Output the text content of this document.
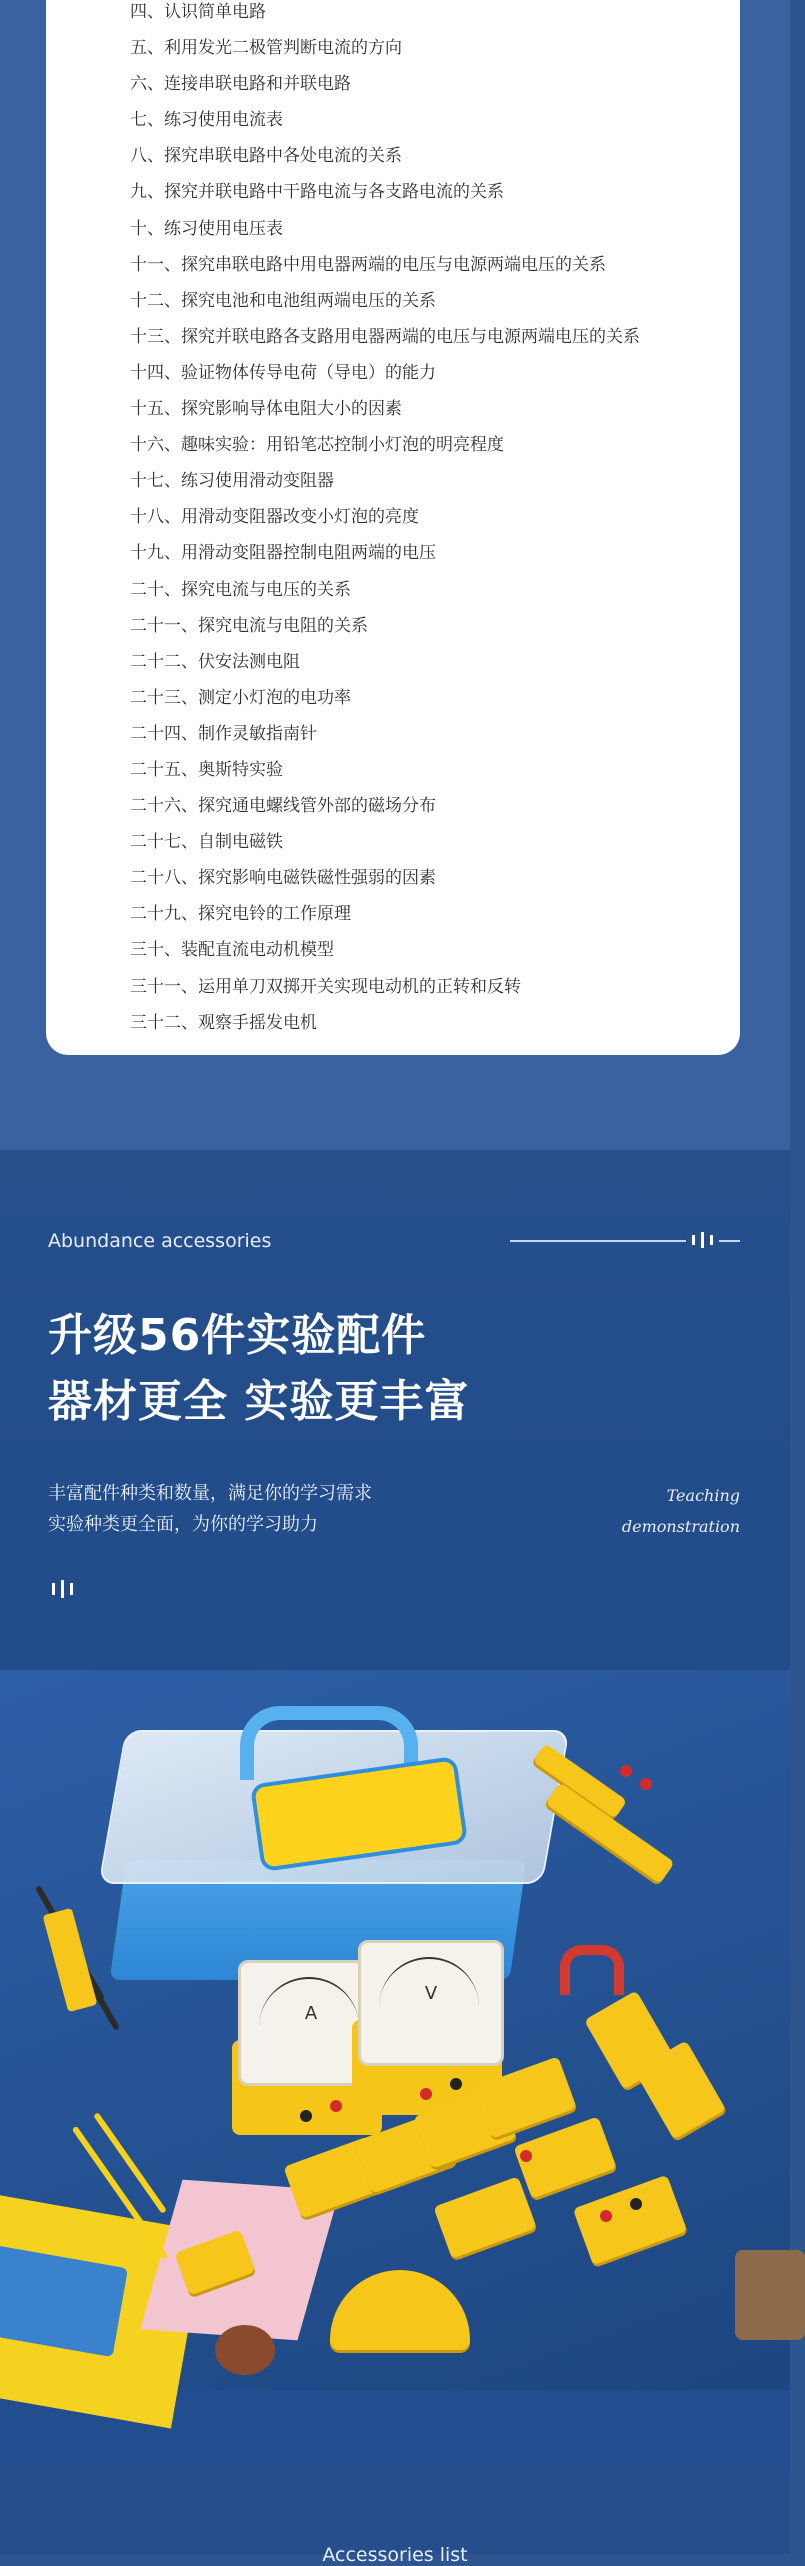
四、认识简单电路
五、利用发光二极管判断电流的方向
六、连接串联电路和并联电路
七、练习使用电流表
八、探究串联电路中各处电流的关系
九、探究并联电路中干路电流与各支路电流的关系
十、练习使用电压表
十一、探究串联电路中用电器两端的电压与电源两端电压的关系
十二、探究电池和电池组两端电压的关系
十三、探究并联电路各支路用电器两端的电压与电源两端电压的关系
十四、验证物体传导电荷（导电）的能力
十五、探究影响导体电阻大小的因素
十六、趣味实验：用铅笔芯控制小灯泡的明亮程度
十七、练习使用滑动变阻器
十八、用滑动变阻器改变小灯泡的亮度
十九、用滑动变阻器控制电阻两端的电压
二十、探究电流与电压的关系
二十一、探究电流与电阻的关系
二十二、伏安法测电阻
二十三、测定小灯泡的电功率
二十四、制作灵敏指南针
二十五、奥斯特实验
二十六、探究通电螺线管外部的磁场分布
二十七、自制电磁铁
二十八、探究影响电磁铁磁性强弱的因素
二十九、探究电铃的工作原理
三十、装配直流电动机模型
三十一、运用单刀双掷开关实现电动机的正转和反转
三十二、观察手摇发电机
Abundance accessories
升级56件实验配件
器材更全 实验更丰富
丰富配件种类和数量，满足你的学习需求
实验种类更全面，为你的学习助力
Teaching
demonstration
A
V
Accessories list
